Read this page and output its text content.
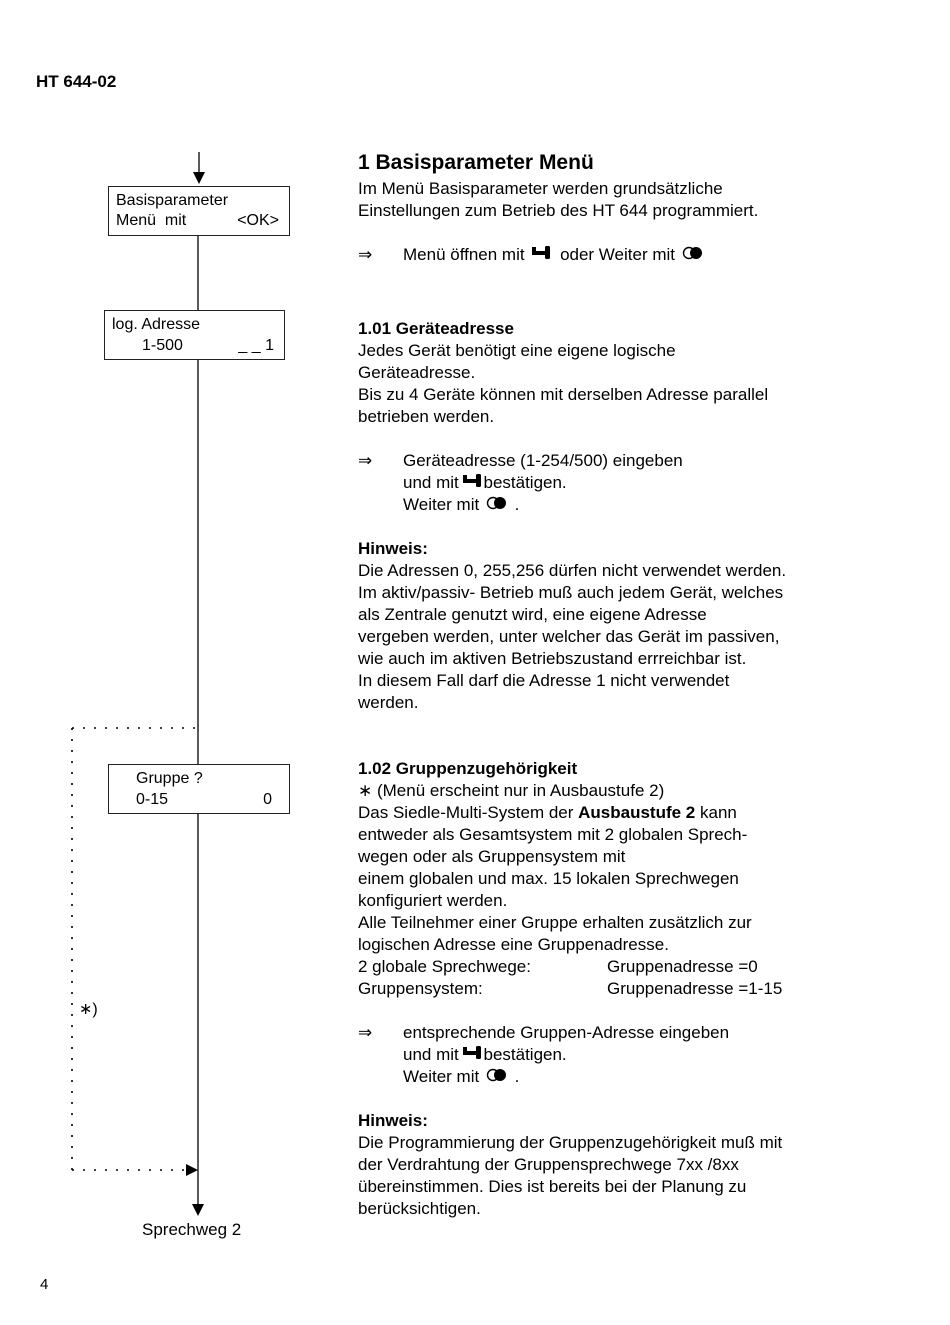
HT 644-02
Basisparameter
Menü  mit	<OK>
log. Adresse
1-500	_ _ 1
Gruppe ?
0-15	0
∗)
Sprechweg 2

1 Basisparameter Menü

Im Menü Basisparameter werden grundsätzliche

Einstellungen zum Betrieb des HT 644 programmiert.

⇒ Menü öffnen mit oder Weiter mit

1.01 Geräteadresse

Jedes Gerät benötigt eine eigene logische

Geräteadresse.

Bis zu 4 Geräte können mit derselben Adresse parallel

betrieben werden.

⇒ Geräteadresse (1-254/500) eingeben

und mit bestätigen.

Weiter mit .

Hinweis:

Die Adressen 0, 255,256 dürfen nicht verwendet werden.

Im aktiv/passiv- Betrieb muß auch jedem Gerät, welches

als Zentrale genutzt wird, eine eigene Adresse

vergeben werden, unter welcher das Gerät im passiven,

wie auch im aktiven Betriebszustand errreichbar ist.

In diesem Fall darf die Adresse 1 nicht verwendet

werden.

1.02 Gruppenzugehörigkeit

∗ (Menü erscheint nur in Ausbaustufe 2)

Das Siedle-Multi-System der Ausbaustufe 2 kann

entweder als Gesamtsystem mit 2 globalen Sprech-

wegen oder als Gruppensystem mit

einem globalen und max. 15 lokalen Sprechwegen

konfiguriert werden.

Alle Teilnehmer einer Gruppe erhalten zusätzlich zur

logischen Adresse eine Gruppenadresse.

2 globale Sprechwege:	Gruppenadresse =0
Gruppensystem:	Gruppenadresse =1-15
⇒ entsprechende Gruppen-Adresse eingeben

und mit bestätigen.

Weiter mit .

Hinweis:

Die Programmierung der Gruppenzugehörigkeit muß mit

der Verdrahtung der Gruppensprechwege 7xx /8xx

übereinstimmen. Dies ist bereits bei der Planung zu

berücksichtigen.

4
